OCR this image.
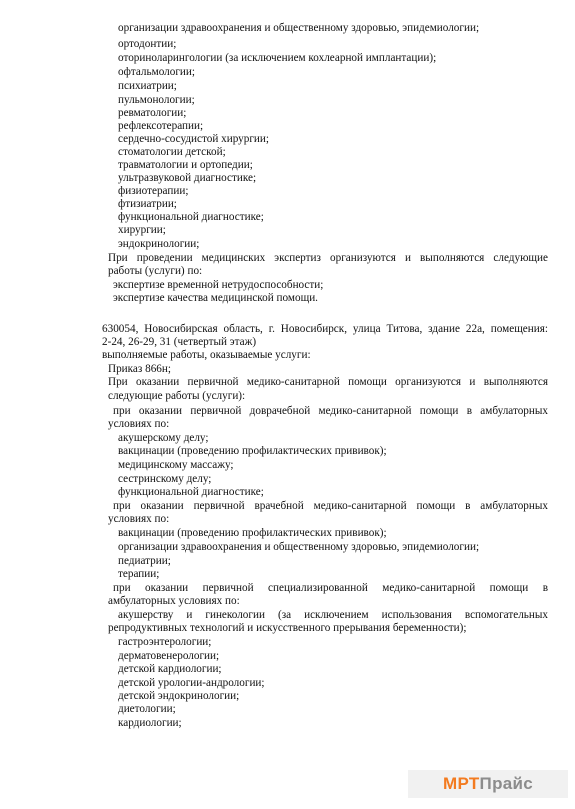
организации здравоохранения и общественному здоровью, эпидемиологии;
ортодонтии;
оториноларингологии (за исключением кохлеарной имплантации);
офтальмологии;
психиатрии;
пульмонологии;
ревматологии;
рефлексотерапии;
сердечно-сосудистой хирургии;
стоматологии детской;
травматологии и ортопедии;
ультразвуковой диагностике;
физиотерапии;
фтизиатрии;
функциональной диагностике;
хирургии;
эндокринологии;
При проведении медицинских экспертиз организуются и выполняются следующие
работы (услуги) по:
экспертизе временной нетрудоспособности;
экспертизе качества медицинской помощи.
630054, Новосибирская область, г. Новосибирск, улица Титова, здание 22а, помещения:
2-24, 26-29, 31 (четвертый этаж)
выполняемые работы, оказываемые услуги:
Приказ 866н;
При оказании первичной медико-санитарной помощи организуются и выполняются
следующие работы (услуги):
при оказании первичной доврачебной медико-санитарной помощи в амбулаторных
условиях по:
акушерскому делу;
вакцинации (проведению профилактических прививок);
медицинскому массажу;
сестринскому делу;
функциональной диагностике;
при оказании первичной врачебной медико-санитарной помощи в амбулаторных
условиях по:
вакцинации (проведению профилактических прививок);
организации здравоохранения и общественному здоровью, эпидемиологии;
педиатрии;
терапии;
при оказании первичной специализированной медико-санитарной помощи в
амбулаторных условиях по:
акушерству и гинекологии (за исключением использования вспомогательных
репродуктивных технологий и искусственного прерывания беременности);
гастроэнтерологии;
дерматовенерологии;
детской кардиологии;
детской урологии-андрологии;
детской эндокринологии;
диетологии;
кардиологии;
МРТ Прайс
